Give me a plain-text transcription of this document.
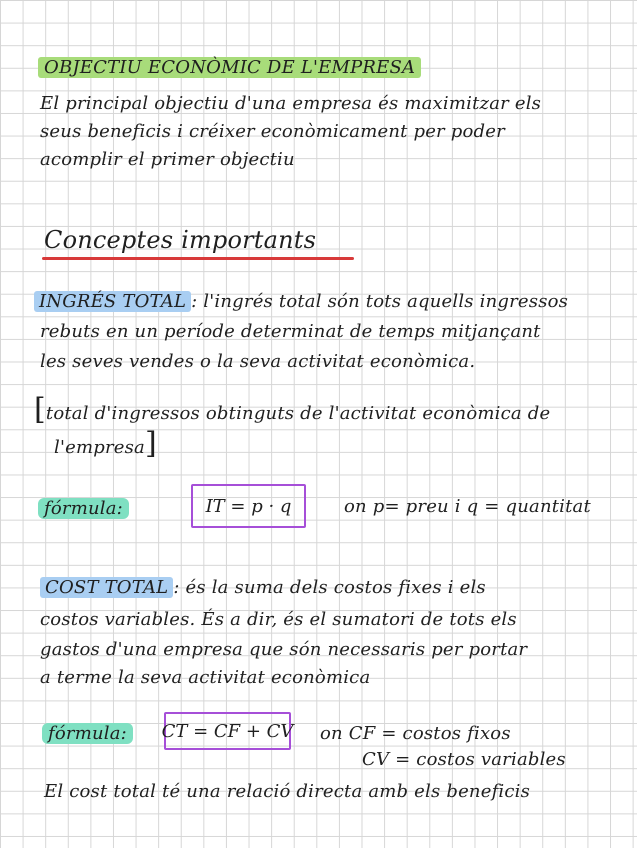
OBJECTIU ECONÒMIC DE L'EMPRESA

El principal objectiu d'una empresa és maximitzar els

seus beneficis i créixer econòmicament per poder

acomplir el primer objectiu

Conceptes importants

INGRÉS TOTAL : l'ingrés total són tots aquells ingressos

rebuts en un període determinat de temps mitjançant

les seves vendes o la seva activitat econòmica.

[total d'ingressos obtinguts de l'activitat econòmica de

l'empresa]

fórmula:	IT = p · q	on p= preu i q = quantitat

COST TOTAL : és la suma dels costos fixes i els

costos variables. És a dir, és el sumatori de tots els

gastos d'una empresa que són necessaris per portar

a terme la seva activitat econòmica

fórmula:	CT = CF + CV on CF = costos fixos

CV = costos variables

El cost total té una relació directa amb els beneficis
